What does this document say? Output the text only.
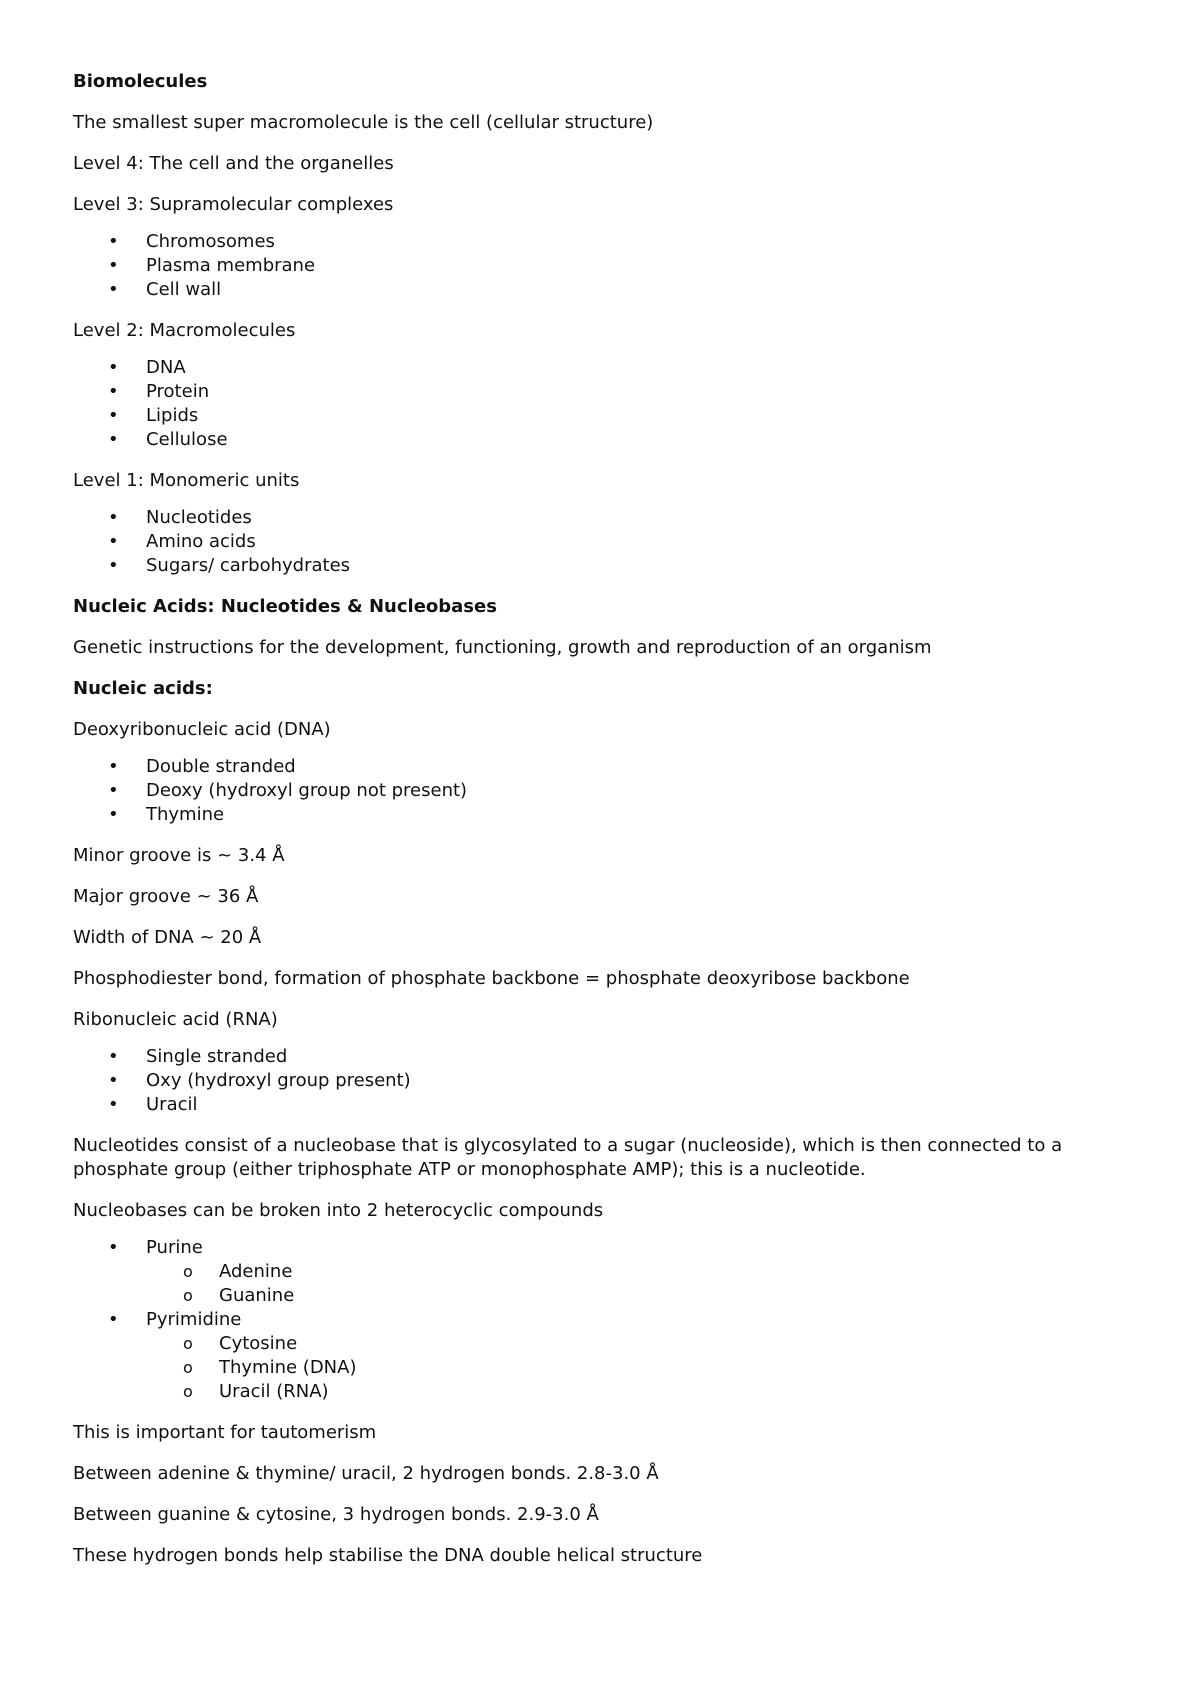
Biomolecules

The smallest super macromolecule is the cell (cellular structure)

Level 4: The cell and the organelles

Level 3: Supramolecular complexes

• Chromosomes
• Plasma membrane
• Cell wall

Level 2: Macromolecules

• DNA
• Protein
• Lipids
• Cellulose

Level 1: Monomeric units

• Nucleotides
• Amino acids
• Sugars/ carbohydrates
Nucleic Acids: Nucleotides & Nucleobases

Genetic instructions for the development, functioning, growth and reproduction of an organism

Nucleic acids:

Deoxyribonucleic acid (DNA)

• Double stranded
• Deoxy (hydroxyl group not present)
• Thymine

Minor groove is ~ 3.4 Å

Major groove ~ 36 Å

Width of DNA ~ 20 Å

Phosphodiester bond, formation of phosphate backbone = phosphate deoxyribose backbone

Ribonucleic acid (RNA)

• Single stranded
• Oxy (hydroxyl group present)
• Uracil

Nucleotides consist of a nucleobase that is glycosylated to a sugar (nucleoside), which is then connected to a phosphate group (either triphosphate ATP or monophosphate AMP); this is a nucleotide.

Nucleobases can be broken into 2 heterocyclic compounds

• Purine
o Adenine
o Guanine
• Pyrimidine
o Cytosine
o Thymine (DNA)
o Uracil (RNA)

This is important for tautomerism

Between adenine & thymine/ uracil, 2 hydrogen bonds. 2.8-3.0 Å

Between guanine & cytosine, 3 hydrogen bonds. 2.9-3.0 Å

These hydrogen bonds help stabilise the DNA double helical structure
